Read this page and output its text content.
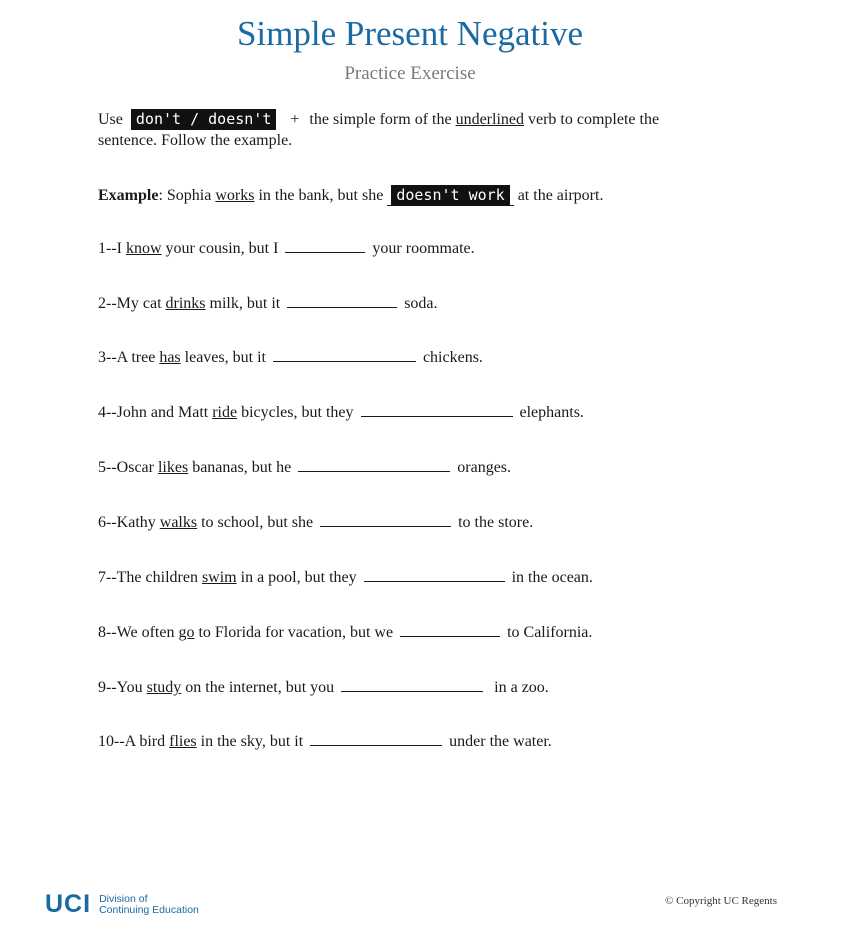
Simple Present Negative
Practice Exercise
Use don't / doesn't + the simple form of the underlined verb to complete the
sentence. Follow the example.
Example: Sophia works in the bank, but she doesn't work at the airport.
1--I know your cousin, but I	your roommate.
2--My cat drinks milk, but it	soda.
3--A tree has leaves, but it	chickens.
4--John and Matt ride bicycles, but they	elephants.
5--Oscar likes bananas, but he	oranges.
6--Kathy walks to school, but she	to the store.
7--The children swim in a pool, but they	in the ocean.
8--We often go to Florida for vacation, but we	to California.
9--You study on the internet, but you	in a zoo.
10--A bird flies in the sky, but it	under the water.
UCI Division of
Continuing Education
© Copyright UC Regents
